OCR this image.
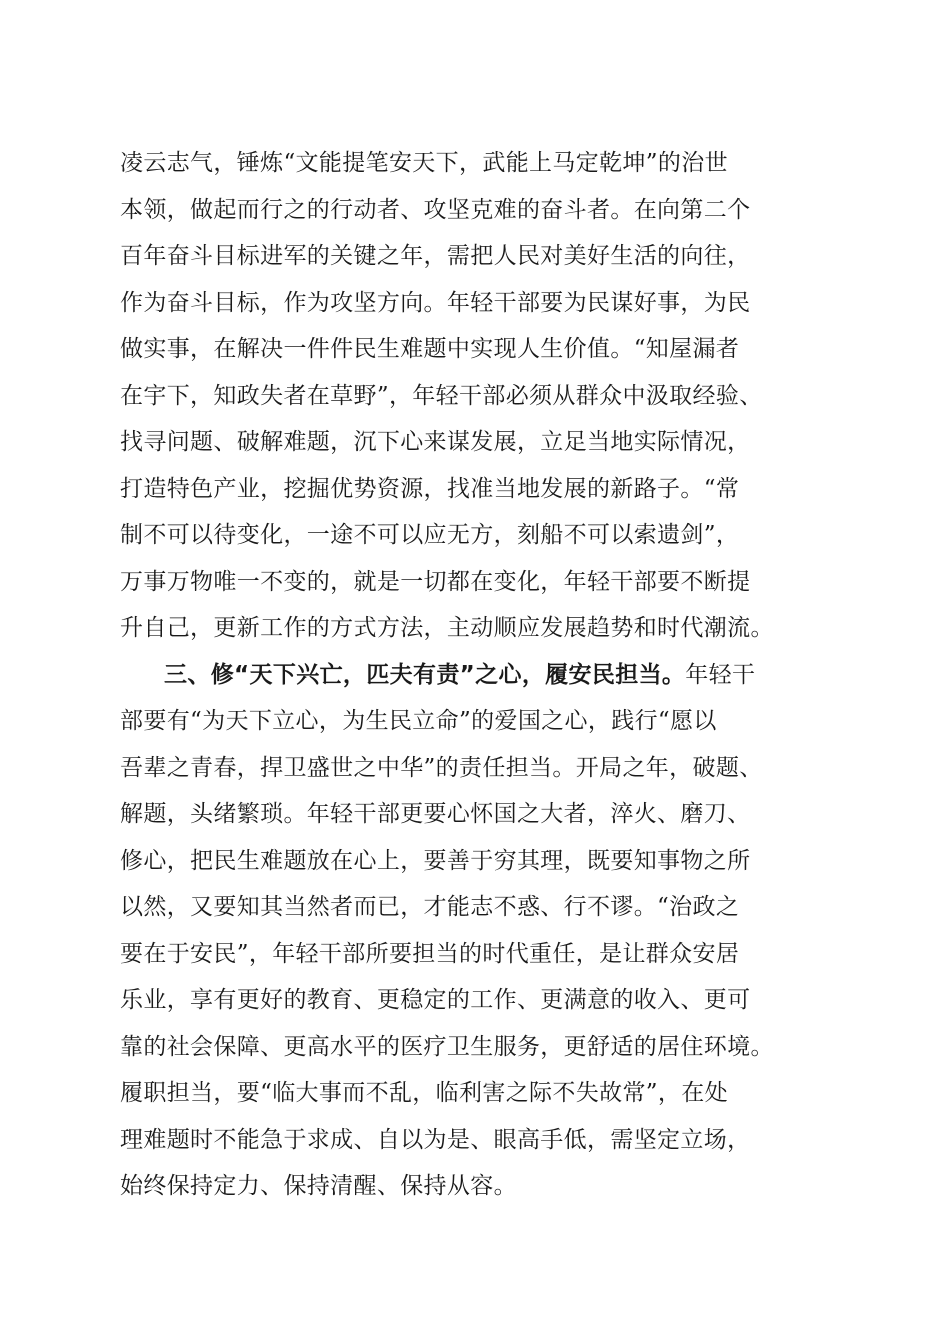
凌云志气，锤炼“文能提笔安天下，武能上马定乾坤”的治世
本领，做起而行之的行动者、攻坚克难的奋斗者。在向第二个
百年奋斗目标进军的关键之年，需把人民对美好生活的向往，
作为奋斗目标，作为攻坚方向。年轻干部要为民谋好事，为民
做实事，在解决一件件民生难题中实现人生价值。“知屋漏者
在宇下，知政失者在草野”，年轻干部必须从群众中汲取经验、
找寻问题、破解难题，沉下心来谋发展，立足当地实际情况，
打造特色产业，挖掘优势资源，找准当地发展的新路子。“常
制不可以待变化，一途不可以应无方，刻船不可以索遗剑”，
万事万物唯一不变的，就是一切都在变化，年轻干部要不断提
升自己，更新工作的方式方法，主动顺应发展趋势和时代潮流。
三、修“天下兴亡，匹夫有责”之心，履安民担当。年轻干
部要有“为天下立心，为生民立命”的爱国之心，践行“愿以
吾辈之青春，捍卫盛世之中华”的责任担当。开局之年，破题、
解题，头绪繁琐。年轻干部更要心怀国之大者，淬火、磨刀、
修心，把民生难题放在心上，要善于穷其理，既要知事物之所
以然，又要知其当然者而已，才能志不惑、行不谬。“治政之
要在于安民”，年轻干部所要担当的时代重任，是让群众安居
乐业，享有更好的教育、更稳定的工作、更满意的收入、更可
靠的社会保障、更高水平的医疗卫生服务，更舒适的居住环境。
履职担当，要“临大事而不乱，临利害之际不失故常”，在处
理难题时不能急于求成、自以为是、眼高手低，需坚定立场，
始终保持定力、保持清醒、保持从容。
